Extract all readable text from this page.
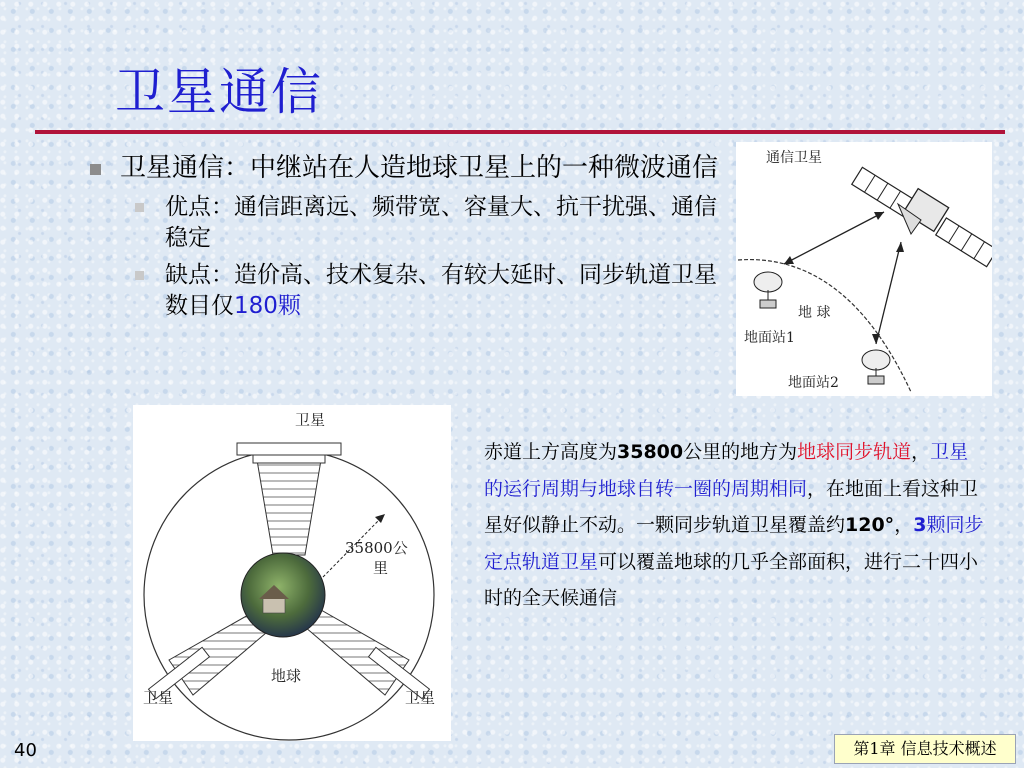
卫星通信
卫星通信：中继站在人造地球卫星上的一种微波通信
优点：通信距离远、频带宽、容量大、抗干扰强、通信稳定
缺点：造价高、技术复杂、有较大延时、同步轨道卫星数目仅180颗
通信卫星
地 球
地面站1
地面站2
35800公
里
卫星
地球
卫星	卫星
赤道上方高度为35800公里的地方为地球同步轨道，卫星的运行周期与地球自转一圈的周期相同，在地面上看这种卫星好似静止不动。一颗同步轨道卫星覆盖约120°，3颗同步定点轨道卫星可以覆盖地球的几乎全部面积，进行二十四小时的全天候通信
40	第1章 信息技术概述
